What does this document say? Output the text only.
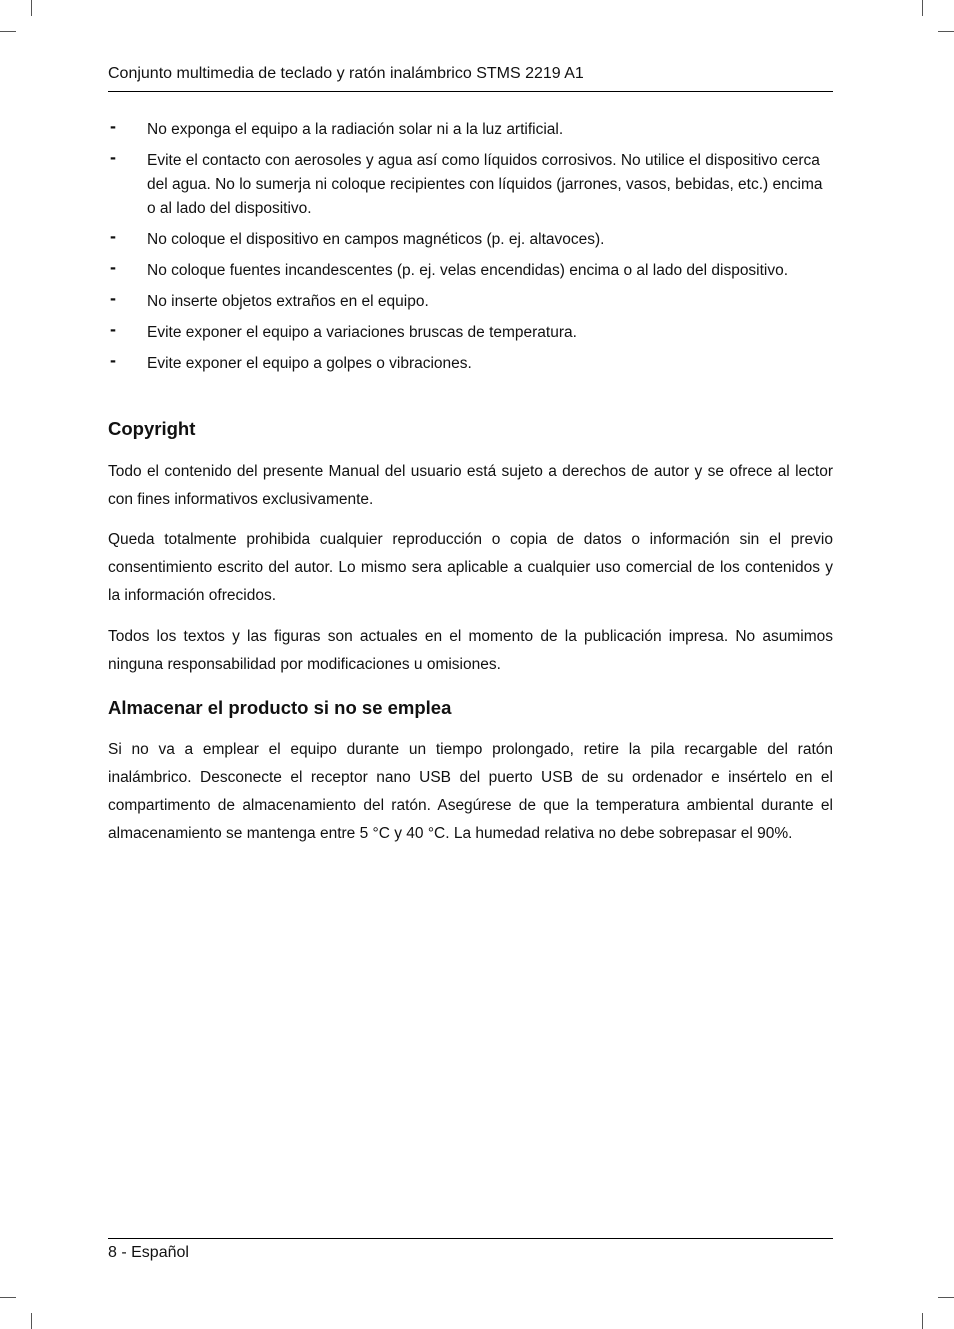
Conjunto multimedia de teclado y ratón inalámbrico STMS 2219 A1
- No exponga el equipo a la radiación solar ni a la luz artificial.
- Evite el contacto con aerosoles y agua así como líquidos corrosivos. No utilice el dispositivo cerca del agua. No lo sumerja ni coloque recipientes con líquidos (jarrones, vasos, bebidas, etc.) encima o al lado del dispositivo.
- No coloque el dispositivo en campos magnéticos (p. ej. altavoces).
- No coloque fuentes incandescentes (p. ej. velas encendidas) encima o al lado del dispositivo.
- No inserte objetos extraños en el equipo.
- Evite exponer el equipo a variaciones bruscas de temperatura.
- Evite exponer el equipo a golpes o vibraciones.
Copyright

Todo el contenido del presente Manual del usuario está sujeto a derechos de autor y se ofrece al lector con fines informativos exclusivamente.

Queda totalmente prohibida cualquier reproducción o copia de datos o información sin el previo consentimiento escrito del autor. Lo mismo sera aplicable a cualquier uso comercial de los contenidos y la información ofrecidos.

Todos los textos y las figuras son actuales en el momento de la publicación impresa. No asumimos ninguna responsabilidad por modificaciones u omisiones.

Almacenar el producto si no se emplea

Si no va a emplear el equipo durante un tiempo prolongado, retire la pila recargable del ratón inalámbrico. Desconecte el receptor nano USB del puerto USB de su ordenador e insértelo en el compartimento de almacenamiento del ratón. Asegúrese de que la temperatura ambiental durante el almacenamiento se mantenga entre 5 °C y 40 °C. La humedad relativa no debe sobrepasar el 90%.

8 - Español
